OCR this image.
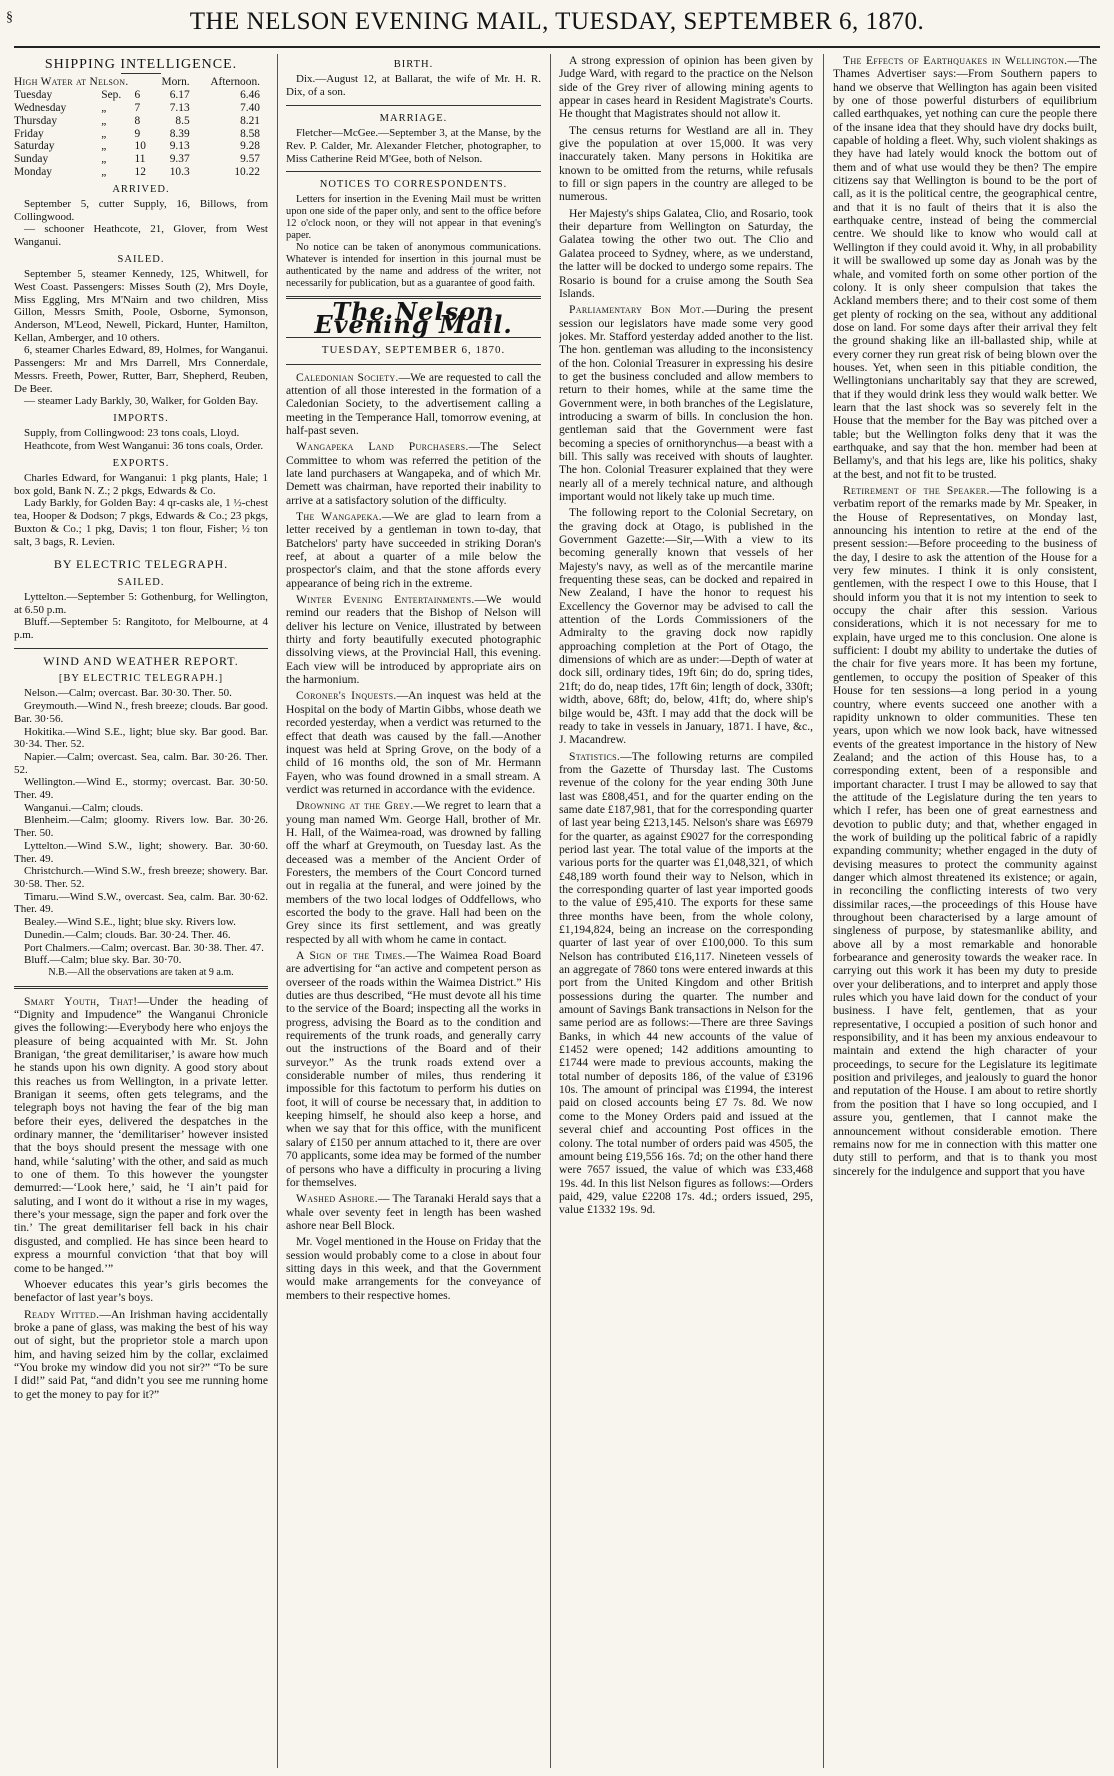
§	THE NELSON EVENING MAIL, TUESDAY, SEPTEMBER 6, 1870.
SHIPPING INTELLIGENCE.
High Water at Nelson.			Morn.	Afternoon.
Tuesday	Sep.	6	6.17	6.46
Wednesday	„	7	7.13	7.40
Thursday	„	8	8.5	8.21
Friday	„	9	8.39	8.58
Saturday	„	10	9.13	9.28
Sunday	„	11	9.37	9.57
Monday	„	12	10.3	10.22
ARRIVED.

September 5, cutter Supply, 16, Billows, from Collingwood.

— schooner Heathcote, 21, Glover, from West Wanganui.

SAILED.

September 5, steamer Kennedy, 125, Whitwell, for West Coast. Passengers: Misses South (2), Mrs Doyle, Miss Eggling, Mrs M'Nairn and two children, Miss Gillon, Messrs Smith, Poole, Osborne, Symonson, Anderson, M'Leod, Newell, Pickard, Hunter, Hamilton, Kellan, Amberger, and 10 others.

6, steamer Charles Edward, 89, Holmes, for Wanganui. Passengers: Mr and Mrs Darrell, Mrs Connerdale, Messrs. Freeth, Power, Rutter, Barr, Shepherd, Reuben, De Beer.

— steamer Lady Barkly, 30, Walker, for Golden Bay.

IMPORTS.

Supply, from Collingwood: 23 tons coals, Lloyd.

Heathcote, from West Wanganui: 36 tons coals, Order.

EXPORTS.

Charles Edward, for Wanganui: 1 pkg plants, Hale; 1 box gold, Bank N. Z.; 2 pkgs, Edwards & Co.

Lady Barkly, for Golden Bay: 4 qr-casks ale, 1 ½-chest tea, Hooper & Dodson; 7 pkgs, Edwards & Co.; 23 pkgs, Buxton & Co.; 1 pkg, Davis; 1 ton flour, Fisher; ½ ton salt, 3 bags, R. Levien.

BY ELECTRIC TELEGRAPH.
SAILED.

Lyttelton.—September 5: Gothenburg, for Wellington, at 6.50 p.m.

Bluff.—September 5: Rangitoto, for Melbourne, at 4 p.m.

WIND AND WEATHER REPORT.
[BY ELECTRIC TELEGRAPH.]

Nelson.—Calm; overcast. Bar. 30·30. Ther. 50.

Greymouth.—Wind N., fresh breeze; clouds. Bar good. Bar. 30·56.

Hokitika.—Wind S.E., light; blue sky. Bar good. Bar. 30·34. Ther. 52.

Napier.—Calm; overcast. Sea, calm. Bar. 30·26. Ther. 52.

Wellington.—Wind E., stormy; overcast. Bar. 30·50. Ther. 49.

Wanganui.—Calm; clouds.

Blenheim.—Calm; gloomy. Rivers low. Bar. 30·26. Ther. 50.

Lyttelton.—Wind S.W., light; showery. Bar. 30·60. Ther. 49.

Christchurch.—Wind S.W., fresh breeze; showery. Bar. 30·58. Ther. 52.

Timaru.—Wind S.W., overcast. Sea, calm. Bar. 30·62. Ther. 49.

Bealey.—Wind S.E., light; blue sky. Rivers low.

Dunedin.—Calm; clouds. Bar. 30·24. Ther. 46.

Port Chalmers.—Calm; overcast. Bar. 30·38. Ther. 47.

Bluff.—Calm; blue sky. Bar. 30·70.

N.B.—All the observations are taken at 9 a.m.

Smart Youth, That!—Under the heading of “Dignity and Impudence” the Wanganui Chronicle gives the following:—Everybody here who enjoys the pleasure of being acquainted with Mr. St. John Branigan, ‘the great demilitariser,’ is aware how much he stands upon his own dignity. A good story about this reaches us from Wellington, in a private letter. Branigan it seems, often gets telegrams, and the telegraph boys not having the fear of the big man before their eyes, delivered the despatches in the ordinary manner, the ‘demilitariser’ however insisted that the boys should present the message with one hand, while ‘saluting’ with the other, and said as much to one of them. To this however the youngster demurred:—‘Look here,’ said, he ‘I ain’t paid for saluting, and I wont do it without a rise in my wages, there’s your message, sign the paper and fork over the tin.’ The great demilitariser fell back in his chair disgusted, and complied. He has since been heard to express a mournful conviction ‘that that boy will come to be hanged.’”

Whoever educates this year’s girls becomes the benefactor of last year’s boys.

Ready Witted.—An Irishman having accidentally broke a pane of glass, was making the best of his way out of sight, but the proprietor stole a march upon him, and having seized him by the collar, exclaimed “You broke my window did you not sir?” “To be sure I did!” said Pat, “and didn’t you see me running home to get the money to pay for it?”

BIRTH.

Dix.—August 12, at Ballarat, the wife of Mr. H. R. Dix, of a son.

MARRIAGE.

Fletcher—McGee.—September 3, at the Manse, by the Rev. P. Calder, Mr. Alexander Fletcher, photographer, to Miss Catherine Reid M'Gee, both of Nelson.

NOTICES TO CORRESPONDENTS.

Letters for insertion in the Evening Mail must be written upon one side of the paper only, and sent to the office before 12 o'clock noon, or they will not appear in that evening's paper.

No notice can be taken of anonymous communications. Whatever is intended for insertion in this journal must be authenticated by the name and address of the writer, not necessarily for publication, but as a guarantee of good faith.

The Nelson Evening Mail.
TUESDAY, SEPTEMBER 6, 1870.

Caledonian Society.—We are requested to call the attention of all those interested in the formation of a Caledonian Society, to the advertisement calling a meeting in the Temperance Hall, tomorrow evening, at half-past seven.

Wangapeka Land Purchasers.—The Select Committee to whom was referred the petition of the late land purchasers at Wangapeka, and of which Mr. Demett was chairman, have reported their inability to arrive at a satisfactory solution of the difficulty.

The Wangapeka.—We are glad to learn from a letter received by a gentleman in town to-day, that Batchelors' party have succeeded in striking Doran's reef, at about a quarter of a mile below the prospector's claim, and that the stone affords every appearance of being rich in the extreme.

Winter Evening Entertainments.—We would remind our readers that the Bishop of Nelson will deliver his lecture on Venice, illustrated by between thirty and forty beautifully executed photographic dissolving views, at the Provincial Hall, this evening. Each view will be introduced by appropriate airs on the harmonium.

Coroner's Inquests.—An inquest was held at the Hospital on the body of Martin Gibbs, whose death we recorded yesterday, when a verdict was returned to the effect that death was caused by the fall.—Another inquest was held at Spring Grove, on the body of a child of 16 months old, the son of Mr. Hermann Fayen, who was found drowned in a small stream. A verdict was returned in accordance with the evidence.

Drowning at the Grey.—We regret to learn that a young man named Wm. George Hall, brother of Mr. H. Hall, of the Waimea-road, was drowned by falling off the wharf at Greymouth, on Tuesday last. As the deceased was a member of the Ancient Order of Foresters, the members of the Court Concord turned out in regalia at the funeral, and were joined by the members of the two local lodges of Oddfellows, who escorted the body to the grave. Hall had been on the Grey since its first settlement, and was greatly respected by all with whom he came in contact.

A Sign of the Times.—The Waimea Road Board are advertising for “an active and competent person as overseer of the roads within the Waimea District.” His duties are thus described, “He must devote all his time to the service of the Board; inspecting all the works in progress, advising the Board as to the condition and requirements of the trunk roads, and generally carry out the instructions of the Board and of their surveyor.” As the trunk roads extend over a considerable number of miles, thus rendering it impossible for this factotum to perform his duties on foot, it will of course be necessary that, in addition to keeping himself, he should also keep a horse, and when we say that for this office, with the munificent salary of £150 per annum attached to it, there are over 70 applicants, some idea may be formed of the number of persons who have a difficulty in procuring a living for themselves.

Washed Ashore.— The Taranaki Herald says that a whale over seventy feet in length has been washed ashore near Bell Block.

Mr. Vogel mentioned in the House on Friday that the session would probably come to a close in about four sitting days in this week, and that the Government would make arrangements for the conveyance of members to their respective homes.

A strong expression of opinion has been given by Judge Ward, with regard to the practice on the Nelson side of the Grey river of allowing mining agents to appear in cases heard in Resident Magistrate's Courts. He thought that Magistrates should not allow it.

The census returns for Westland are all in. They give the population at over 15,000. It was very inaccurately taken. Many persons in Hokitika are known to be omitted from the returns, while refusals to fill or sign papers in the country are alleged to be numerous.

Her Majesty's ships Galatea, Clio, and Rosario, took their departure from Wellington on Saturday, the Galatea towing the other two out. The Clio and Galatea proceed to Sydney, where, as we understand, the latter will be docked to undergo some repairs. The Rosario is bound for a cruise among the South Sea Islands.

Parliamentary Bon Mot.—During the present session our legislators have made some very good jokes. Mr. Stafford yesterday added another to the list. The hon. gentleman was alluding to the inconsistency of the hon. Colonial Treasurer in expressing his desire to get the business concluded and allow members to return to their homes, while at the same time the Government were, in both branches of the Legislature, introducing a swarm of bills. In conclusion the hon. gentleman said that the Government were fast becoming a species of ornithorynchus—a beast with a bill. This sally was received with shouts of laughter. The hon. Colonial Treasurer explained that they were nearly all of a merely technical nature, and although important would not likely take up much time.

The following report to the Colonial Secretary, on the graving dock at Otago, is published in the Government Gazette:—Sir,—With a view to its becoming generally known that vessels of her Majesty's navy, as well as of the mercantile marine frequenting these seas, can be docked and repaired in New Zealand, I have the honor to request his Excellency the Governor may be advised to call the attention of the Lords Commissioners of the Admiralty to the graving dock now rapidly approaching completion at the Port of Otago, the dimensions of which are as under:—Depth of water at dock sill, ordinary tides, 19ft 6in; do do, spring tides, 21ft; do do, neap tides, 17ft 6in; length of dock, 330ft; width, above, 68ft; do, below, 41ft; do, where ship's bilge would be, 43ft. I may add that the dock will be ready to take in vessels in January, 1871. I have, &c., J. Macandrew.

Statistics.—The following returns are compiled from the Gazette of Thursday last. The Customs revenue of the colony for the year ending 30th June last was £808,451, and for the quarter ending on the same date £187,981, that for the corresponding quarter of last year being £213,145. Nelson's share was £6979 for the quarter, as against £9027 for the corresponding period last year. The total value of the imports at the various ports for the quarter was £1,048,321, of which £48,189 worth found their way to Nelson, which in the corresponding quarter of last year imported goods to the value of £95,410. The exports for these same three months have been, from the whole colony, £1,194,824, being an increase on the corresponding quarter of last year of over £100,000. To this sum Nelson has contributed £16,117. Nineteen vessels of an aggregate of 7860 tons were entered inwards at this port from the United Kingdom and other British possessions during the quarter. The number and amount of Savings Bank transactions in Nelson for the same period are as follows:—There are three Savings Banks, in which 44 new accounts of the value of £1452 were opened; 142 additions amounting to £1744 were made to previous accounts, making the total number of deposits 186, of the value of £3196 10s. The amount of principal was £1994, the interest paid on closed accounts being £7 7s. 8d. We now come to the Money Orders paid and issued at the several chief and accounting Post offices in the colony. The total number of orders paid was 4505, the amount being £19,556 16s. 7d; on the other hand there were 7657 issued, the value of which was £33,468 19s. 4d. In this list Nelson figures as follows:—Orders paid, 429, value £2208 17s. 4d.; orders issued, 295, value £1332 19s. 9d.

The Effects of Earthquakes in Wellington.—The Thames Advertiser says:—From Southern papers to hand we observe that Wellington has again been visited by one of those powerful disturbers of equilibrium called earthquakes, yet nothing can cure the people there of the insane idea that they should have dry docks built, capable of holding a fleet. Why, such violent shakings as they have had lately would knock the bottom out of them and of what use would they be then? The empire citizens say that Wellington is bound to be the port of call, as it is the political centre, the geographical centre, and that it is no fault of theirs that it is also the earthquake centre, instead of being the commercial centre. We should like to know who would call at Wellington if they could avoid it. Why, in all probability it will be swallowed up some day as Jonah was by the whale, and vomited forth on some other portion of the colony. It is only sheer compulsion that takes the Ackland members there; and to their cost some of them get plenty of rocking on the sea, without any additional dose on land. For some days after their arrival they felt the ground shaking like an ill-ballasted ship, while at every corner they run great risk of being blown over the houses. Yet, when seen in this pitiable condition, the Wellingtonians uncharitably say that they are screwed, that if they would drink less they would walk better. We learn that the last shock was so severely felt in the House that the member for the Bay was pitched over a table; but the Wellington folks deny that it was the earthquake, and say that the hon. member had been at Bellamy's, and that his legs are, like his politics, shaky at the best, and not fit to be trusted.

Retirement of the Speaker.—The following is a verbatim report of the remarks made by Mr. Speaker, in the House of Representatives, on Monday last, announcing his intention to retire at the end of the present session:—Before proceeding to the business of the day, I desire to ask the attention of the House for a very few minutes. I think it is only consistent, gentlemen, with the respect I owe to this House, that I should inform you that it is not my intention to seek to occupy the chair after this session. Various considerations, which it is not necessary for me to explain, have urged me to this conclusion. One alone is sufficient: I doubt my ability to undertake the duties of the chair for five years more. It has been my fortune, gentlemen, to occupy the position of Speaker of this House for ten sessions—a long period in a young country, where events succeed one another with a rapidity unknown to older communities. These ten years, upon which we now look back, have witnessed events of the greatest importance in the history of New Zealand; and the action of this House has, to a corresponding extent, been of a responsible and important character. I trust I may be allowed to say that the attitude of the Legislature during the ten years to which I refer, has been one of great earnestness and devotion to public duty; and that, whether engaged in the work of building up the political fabric of a rapidly expanding community; whether engaged in the duty of devising measures to protect the community against danger which almost threatened its existence; or again, in reconciling the conflicting interests of two very dissimilar races,—the proceedings of this House have throughout been characterised by a large amount of singleness of purpose, by statesmanlike ability, and above all by a most remarkable and honorable forbearance and generosity towards the weaker race. In carrying out this work it has been my duty to preside over your deliberations, and to interpret and apply those rules which you have laid down for the conduct of your business. I have felt, gentlemen, that as your representative, I occupied a position of such honor and responsibility, and it has been my anxious endeavour to maintain and extend the high character of your proceedings, to secure for the Legislature its legitimate position and privileges, and jealously to guard the honor and reputation of the House. I am about to retire shortly from the position that I have so long occupied, and I assure you, gentlemen, that I cannot make the announcement without considerable emotion. There remains now for me in connection with this matter one duty still to perform, and that is to thank you most sincerely for the indulgence and support that you have
